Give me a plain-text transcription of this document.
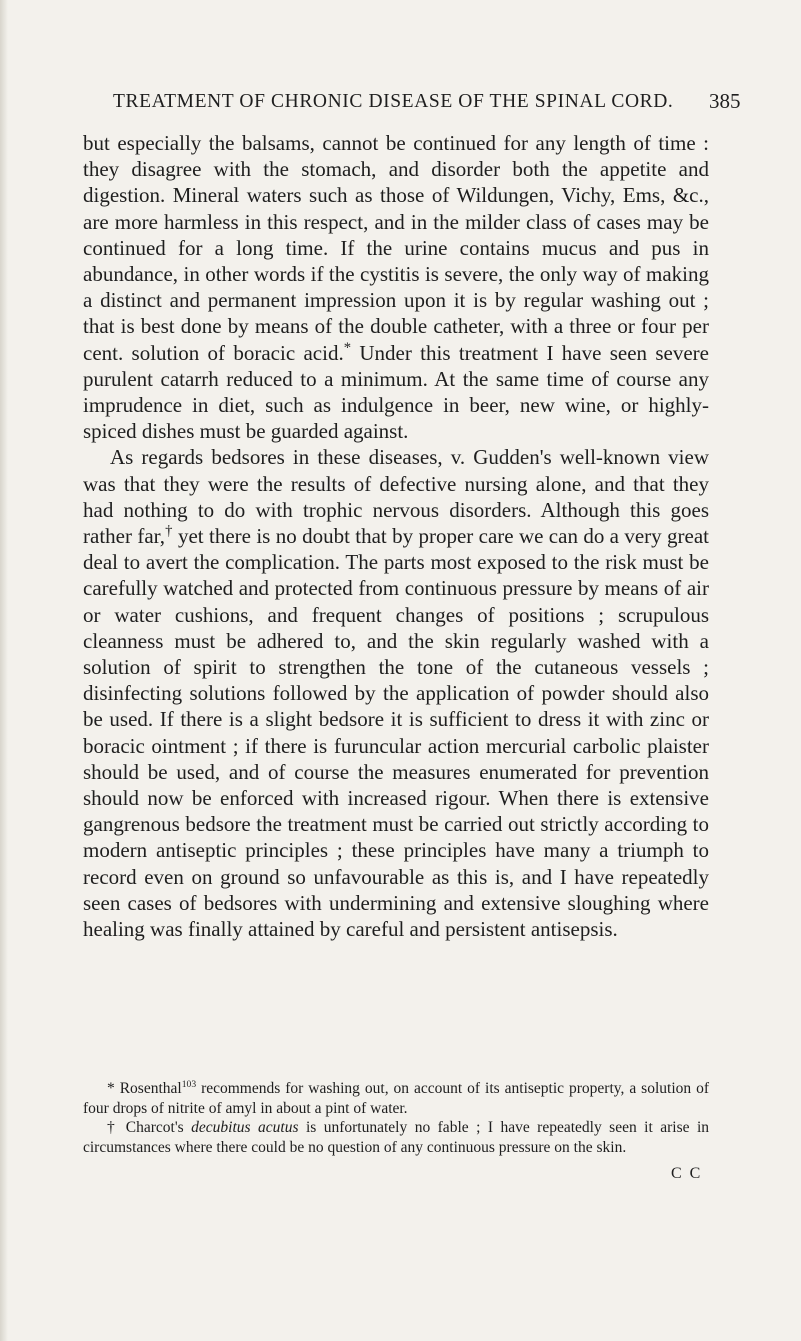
TREATMENT OF CHRONIC DISEASE OF THE SPINAL CORD.	385

but especially the balsams, cannot be continued for any length of time : they disagree with the stomach, and disorder both the appetite and digestion. Mineral waters such as those of Wildungen, Vichy, Ems, &c., are more harmless in this respect, and in the milder class of cases may be continued for a long time. If the urine contains mucus and pus in abundance, in other words if the cystitis is severe, the only way of making a distinct and permanent impression upon it is by regular washing out ; that is best done by means of the double catheter, with a three or four per cent. solution of boracic acid.* Under this treatment I have seen severe purulent catarrh reduced to a minimum. At the same time of course any imprudence in diet, such as indulgence in beer, new wine, or highly-spiced dishes must be guarded against.

As regards bedsores in these diseases, v. Gudden's well-known view was that they were the results of defective nursing alone, and that they had nothing to do with trophic nervous disorders. Although this goes rather far,† yet there is no doubt that by proper care we can do a very great deal to avert the complication. The parts most exposed to the risk must be carefully watched and protected from continuous pressure by means of air or water cushions, and frequent changes of positions ; scrupulous cleanness must be adhered to, and the skin regularly washed with a solution of spirit to strengthen the tone of the cutaneous vessels ; disinfecting solutions followed by the application of powder should also be used. If there is a slight bedsore it is sufficient to dress it with zinc or boracic ointment ; if there is furuncular action mercurial carbolic plaister should be used, and of course the measures enumerated for prevention should now be enforced with increased rigour. When there is extensive gangrenous bedsore the treatment must be carried out strictly according to modern antiseptic principles ; these principles have many a triumph to record even on ground so unfavourable as this is, and I have repeatedly seen cases of bedsores with undermining and extensive sloughing where healing was finally attained by careful and persistent antisepsis.

* Rosenthal$^{103}$ recommends for washing out, on account of its antiseptic property, a solution of four drops of nitrite of amyl in about a pint of water.

† Charcot's decubitus acutus is unfortunately no fable ; I have repeatedly seen it arise in circumstances where there could be no question of any continuous pressure on the skin.

C C
